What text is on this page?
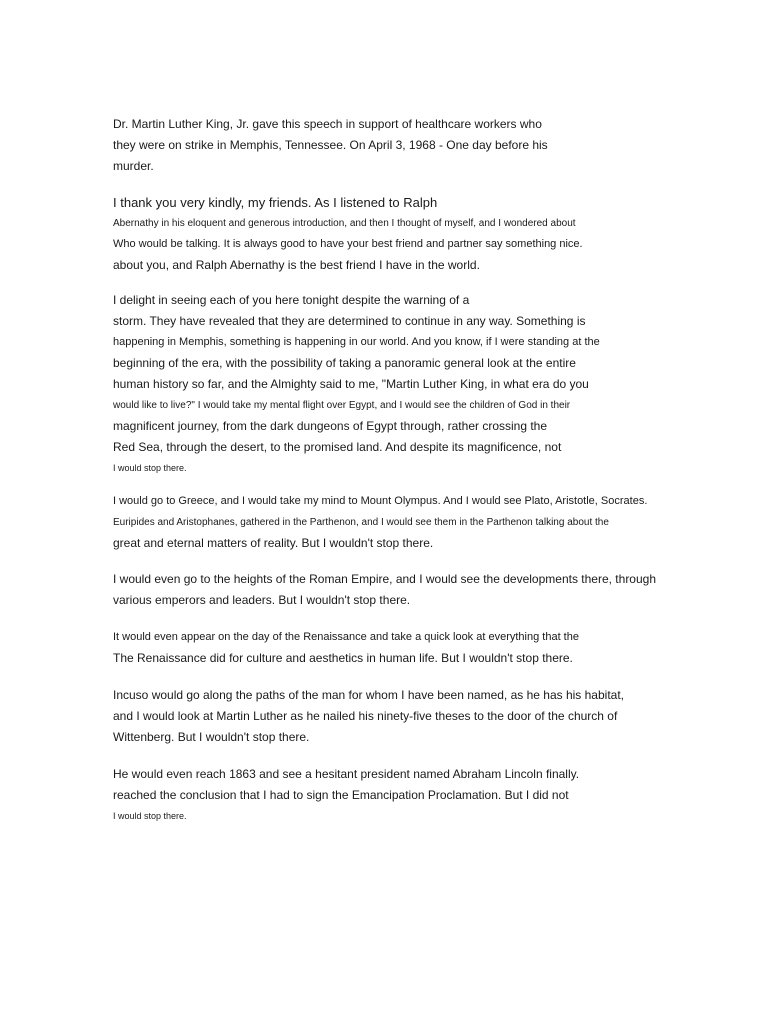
Dr. Martin Luther King, Jr. gave this speech in support of healthcare workers who
they were on strike in Memphis, Tennessee. On April 3, 1968 - One day before his
murder.
I thank you very kindly, my friends. As I listened to Ralph
Abernathy in his eloquent and generous introduction, and then I thought of myself, and I wondered about
Who would be talking. It is always good to have your best friend and partner say something nice.
about you, and Ralph Abernathy is the best friend I have in the world.
I delight in seeing each of you here tonight despite the warning of a
storm. They have revealed that they are determined to continue in any way. Something is
happening in Memphis, something is happening in our world. And you know, if I were standing at the
beginning of the era, with the possibility of taking a panoramic general look at the entire
human history so far, and the Almighty said to me, "Martin Luther King, in what era do you
would like to live?" I would take my mental flight over Egypt, and I would see the children of God in their
magnificent journey, from the dark dungeons of Egypt through, rather crossing the
Red Sea, through the desert, to the promised land. And despite its magnificence, not
I would stop there.
I would go to Greece, and I would take my mind to Mount Olympus. And I would see Plato, Aristotle, Socrates.
Euripides and Aristophanes, gathered in the Parthenon, and I would see them in the Parthenon talking about the
great and eternal matters of reality. But I wouldn't stop there.
I would even go to the heights of the Roman Empire, and I would see the developments there, through
various emperors and leaders. But I wouldn't stop there.
It would even appear on the day of the Renaissance and take a quick look at everything that the
The Renaissance did for culture and aesthetics in human life. But I wouldn't stop there.
Incuso would go along the paths of the man for whom I have been named, as he has his habitat,
and I would look at Martin Luther as he nailed his ninety-five theses to the door of the church of
Wittenberg. But I wouldn't stop there.
He would even reach 1863 and see a hesitant president named Abraham Lincoln finally.
reached the conclusion that I had to sign the Emancipation Proclamation. But I did not
I would stop there.
